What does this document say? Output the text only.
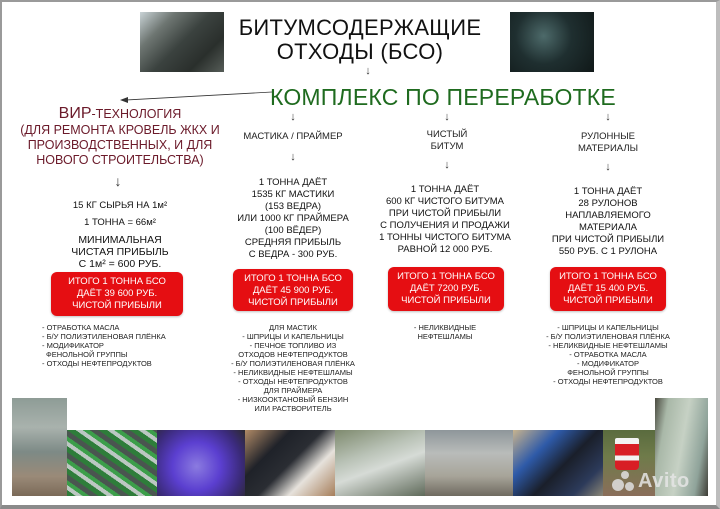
БИТУМСОДЕРЖАЩИЕ
ОТХОДЫ (БСО)
↓
КОМПЛЕКС ПО ПЕРЕРАБОТКЕ
ВИР-ТЕХНОЛОГИЯ
(ДЛЯ РЕМОНТА КРОВЕЛЬ ЖКХ И
ПРОИЗВОДСТВЕННЫХ, И ДЛЯ
НОВОГО СТРОИТЕЛЬСТВА)
↓
15 КГ СЫРЬЯ НА 1м²
1 ТОННА = 66м²
МИНИМАЛЬНАЯ
ЧИСТАЯ ПРИБЫЛЬ
С 1м² = 600 РУБ.
ИТОГО 1 ТОННА БСО
ДАЁТ 39 600 РУБ.
ЧИСТОЙ ПРИБЫЛИ
- ОТРАБОТКА МАСЛА
- Б/У ПОЛИЭТИЛЕНОВАЯ ПЛЁНКА
- МОДИФИКАТОР
ФЕНОЛЬНОЙ ГРУППЫ
- ОТХОДЫ НЕФТЕПРОДУКТОВ
↓
МАСТИКА / ПРАЙМЕР
↓
1 ТОННА ДАЁТ
1535 КГ МАСТИКИ
(153 ВЕДРА)
ИЛИ 1000 КГ ПРАЙМЕРА
(100 ВЁДЕР)
СРЕДНЯЯ ПРИБЫЛЬ
С ВЕДРА - 300 РУБ.
ИТОГО 1 ТОННА БСО
ДАЁТ 45 900 РУБ.
ЧИСТОЙ ПРИБЫЛИ
ДЛЯ МАСТИК
- ШПРИЦЫ И КАПЕЛЬНИЦЫ
- ПЕЧНОЕ ТОПЛИВО ИЗ
ОТХОДОВ НЕФТЕПРОДУКТОВ
- Б/У ПОЛИЭТИЛЕНОВАЯ ПЛЁНКА
- НЕЛИКВИДНЫЕ НЕФТЕШЛАМЫ
- ОТХОДЫ НЕФТЕПРОДУКТОВ
ДЛЯ ПРАЙМЕРА
- НИЗКООКТАНОВЫЙ БЕНЗИН
ИЛИ РАСТВОРИТЕЛЬ
↓
ЧИСТЫЙ
БИТУМ
↓
1 ТОННА ДАЁТ
600 КГ ЧИСТОГО БИТУМА
ПРИ ЧИСТОЙ ПРИБЫЛИ
С ПОЛУЧЕНИЯ И ПРОДАЖИ
1 ТОННЫ ЧИСТОГО БИТУМА
РАВНОЙ 12 000 РУБ.
ИТОГО 1 ТОННА БСО
ДАЁТ 7200 РУБ.
ЧИСТОЙ ПРИБЫЛИ
- НЕЛИКВИДНЫЕ
НЕФТЕШЛАМЫ
↓
РУЛОННЫЕ
МАТЕРИАЛЫ
↓
1 ТОННА ДАЁТ
28 РУЛОНОВ
НАПЛАВЛЯЕМОГО
МАТЕРИАЛА
ПРИ ЧИСТОЙ ПРИБЫЛИ
550 РУБ. С 1 РУЛОНА
ИТОГО 1 ТОННА БСО
ДАЁТ 15 400 РУБ.
ЧИСТОЙ ПРИБЫЛИ
- ШПРИЦЫ И КАПЕЛЬНИЦЫ
- Б/У ПОЛИЭТИЛЕНОВАЯ ПЛЁНКА
- НЕЛИКВИДНЫЕ НЕФТЕШЛАМЫ
- ОТРАБОТКА МАСЛА
- МОДИФИКАТОР
ФЕНОЛЬНОЙ ГРУППЫ
- ОТХОДЫ НЕФТЕПРОДУКТОВ
Avito
